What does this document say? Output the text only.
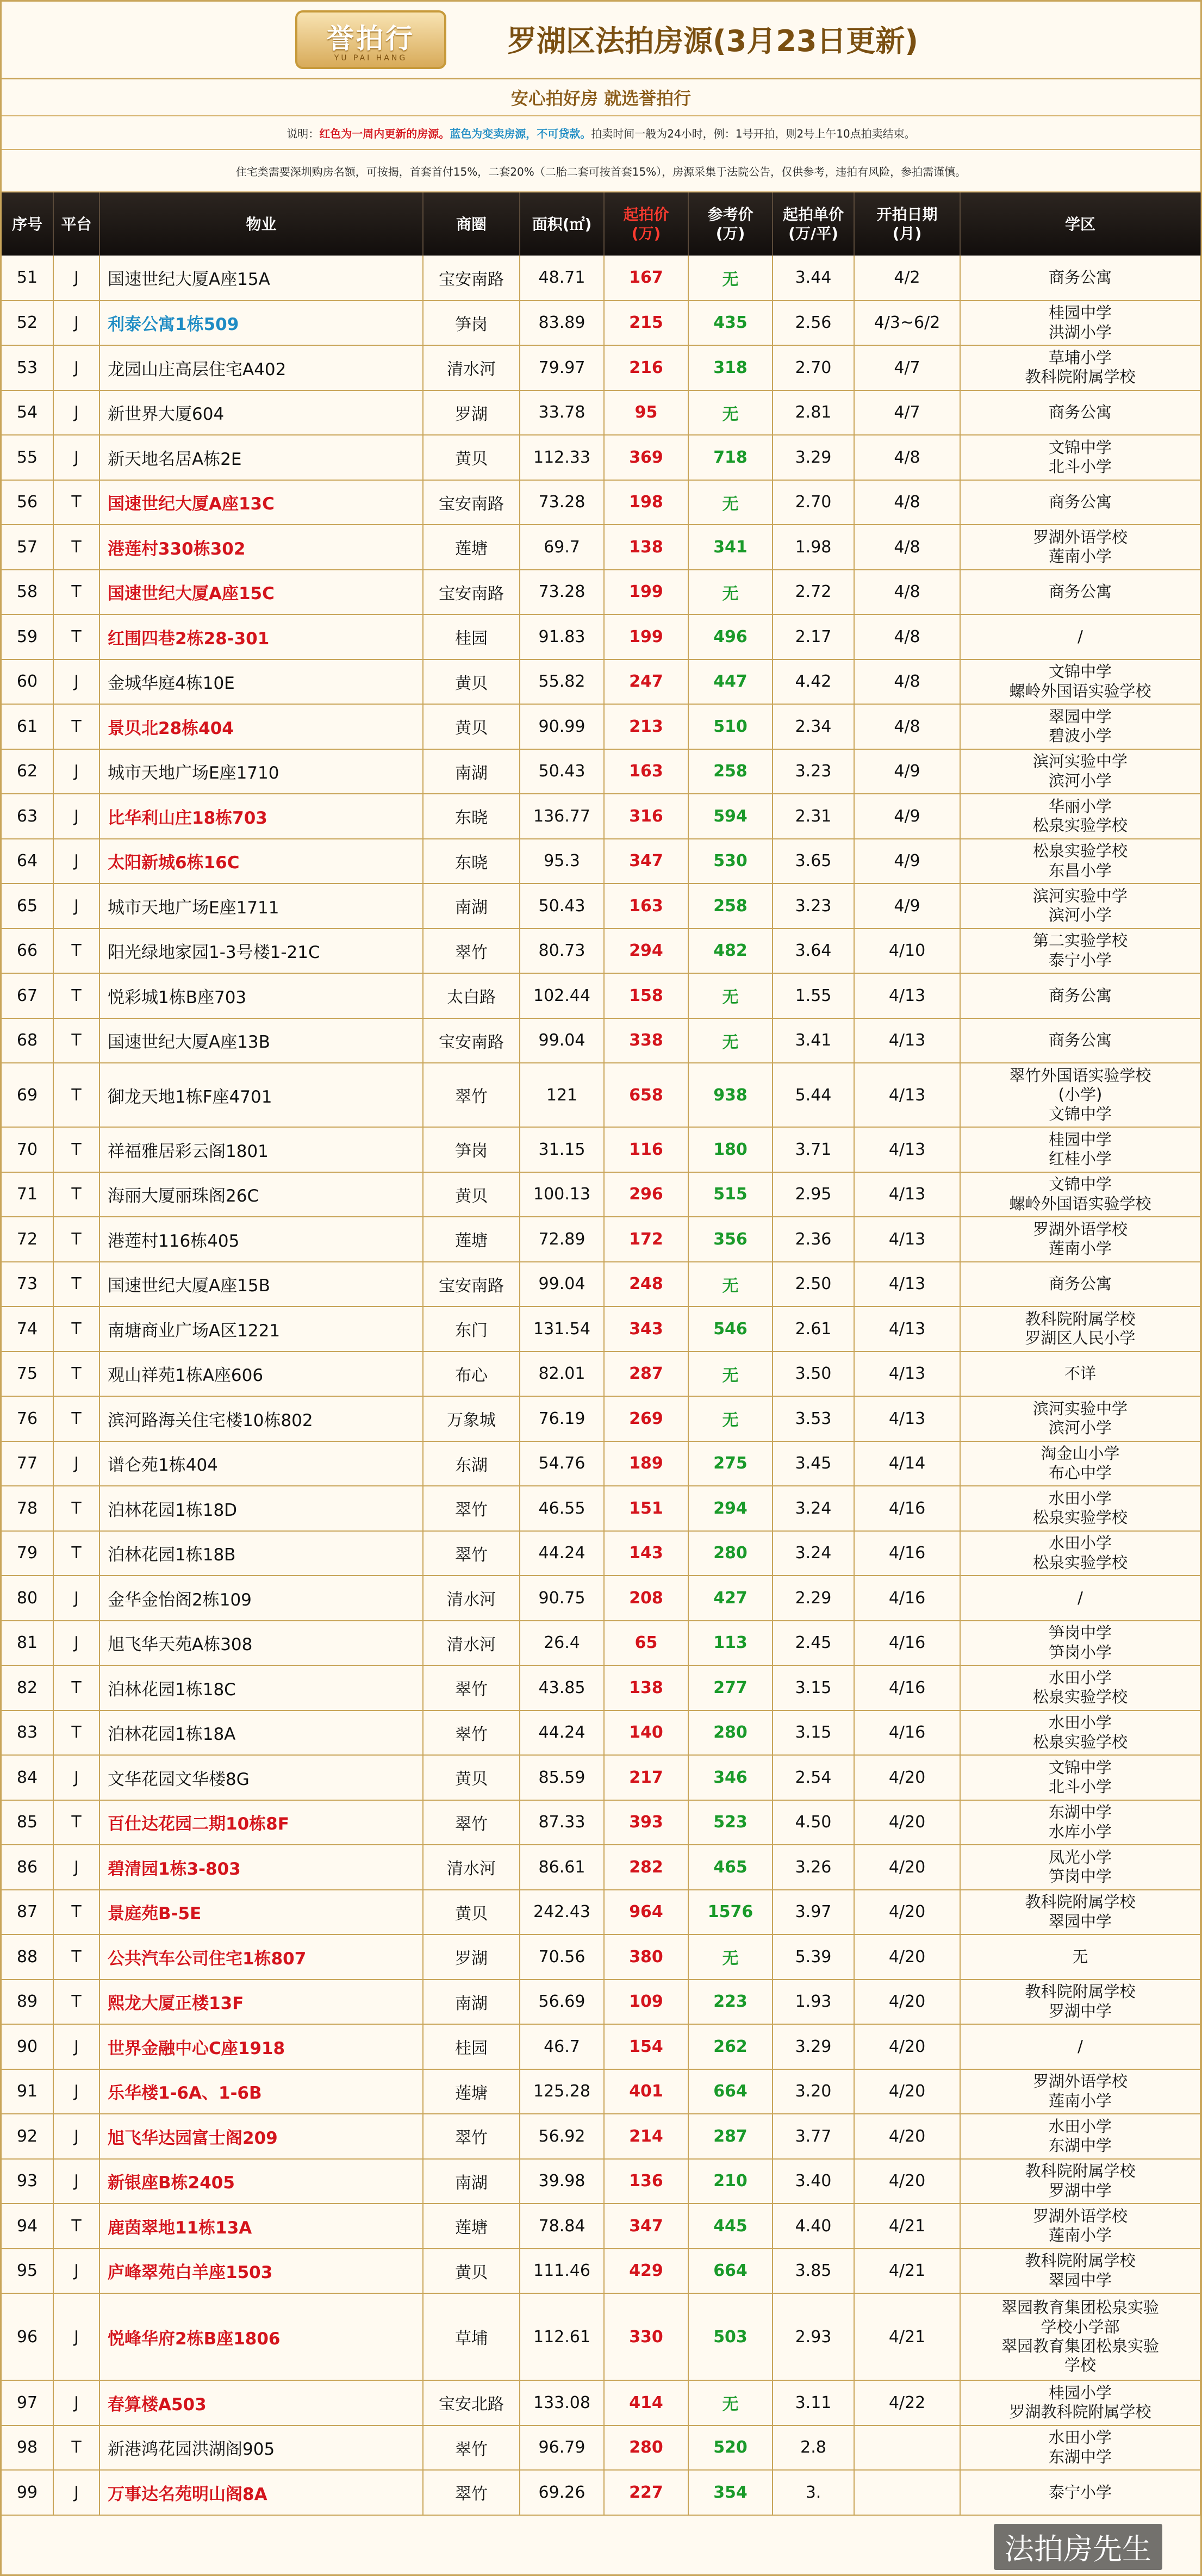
誉拍行
YU PAI HANG	罗湖区法拍房源(3月23日更新)
安心拍好房 就选誉拍行
说明： 红色为一周内更新的房源。 蓝色为变卖房源，不可贷款。 拍卖时间一般为24小时，例：1号开拍，则2号上午10点拍卖结束。
住宅类需要深圳购房名额，可按揭，首套首付15%，二套20%（二胎二套可按首套15%），房源采集于法院公告，仅供参考，违拍有风险，参拍需谨慎。
序号	平台	物业	商圈	面积(㎡)	起拍价
(万)	参考价
(万)	起拍单价
(万/平)	开拍日期
(月)	学区
51	J	国速世纪大厦A座15A	宝安南路	48.71	167	无	3.44	4/2	商务公寓
52	J	利泰公寓1栋509	笋岗	83.89	215	435	2.56	4/3~6/2	桂园中学
洪湖小学
53	J	龙园山庄高层住宅A402	清水河	79.97	216	318	2.70	4/7	草埔小学
教科院附属学校
54	J	新世界大厦604	罗湖	33.78	95	无	2.81	4/7	商务公寓
55	J	新天地名居A栋2E	黄贝	112.33	369	718	3.29	4/8	文锦中学
北斗小学
56	T	国速世纪大厦A座13C	宝安南路	73.28	198	无	2.70	4/8	商务公寓
57	T	港莲村330栋302	莲塘	69.7	138	341	1.98	4/8	罗湖外语学校
莲南小学
58	T	国速世纪大厦A座15C	宝安南路	73.28	199	无	2.72	4/8	商务公寓
59	T	红围四巷2栋28-301	桂园	91.83	199	496	2.17	4/8	/
60	J	金城华庭4栋10E	黄贝	55.82	247	447	4.42	4/8	文锦中学
螺岭外国语实验学校
61	T	景贝北28栋404	黄贝	90.99	213	510	2.34	4/8	翠园中学
碧波小学
62	J	城市天地广场E座1710	南湖	50.43	163	258	3.23	4/9	滨河实验中学
滨河小学
63	J	比华利山庄18栋703	东晓	136.77	316	594	2.31	4/9	华丽小学
松泉实验学校
64	J	太阳新城6栋16C	东晓	95.3	347	530	3.65	4/9	松泉实验学校
东昌小学
65	J	城市天地广场E座1711	南湖	50.43	163	258	3.23	4/9	滨河实验中学
滨河小学
66	T	阳光绿地家园1-3号楼1-21C	翠竹	80.73	294	482	3.64	4/10	第二实验学校
泰宁小学
67	T	悦彩城1栋B座703	太白路	102.44	158	无	1.55	4/13	商务公寓
68	T	国速世纪大厦A座13B	宝安南路	99.04	338	无	3.41	4/13	商务公寓
69	T	御龙天地1栋F座4701	翠竹	121	658	938	5.44	4/13	翠竹外国语实验学校
(小学)
文锦中学
70	T	祥福雅居彩云阁1801	笋岗	31.15	116	180	3.71	4/13	桂园中学
红桂小学
71	T	海丽大厦丽珠阁26C	黄贝	100.13	296	515	2.95	4/13	文锦中学
螺岭外国语实验学校
72	T	港莲村116栋405	莲塘	72.89	172	356	2.36	4/13	罗湖外语学校
莲南小学
73	T	国速世纪大厦A座15B	宝安南路	99.04	248	无	2.50	4/13	商务公寓
74	T	南塘商业广场A区1221	东门	131.54	343	546	2.61	4/13	教科院附属学校
罗湖区人民小学
75	T	观山祥苑1栋A座606	布心	82.01	287	无	3.50	4/13	不详
76	T	滨河路海关住宅楼10栋802	万象城	76.19	269	无	3.53	4/13	滨河实验中学
滨河小学
77	J	谱仑苑1栋404	东湖	54.76	189	275	3.45	4/14	淘金山小学
布心中学
78	T	泊林花园1栋18D	翠竹	46.55	151	294	3.24	4/16	水田小学
松泉实验学校
79	T	泊林花园1栋18B	翠竹	44.24	143	280	3.24	4/16	水田小学
松泉实验学校
80	J	金华金怡阁2栋109	清水河	90.75	208	427	2.29	4/16	/
81	J	旭飞华天苑A栋308	清水河	26.4	65	113	2.45	4/16	笋岗中学
笋岗小学
82	T	泊林花园1栋18C	翠竹	43.85	138	277	3.15	4/16	水田小学
松泉实验学校
83	T	泊林花园1栋18A	翠竹	44.24	140	280	3.15	4/16	水田小学
松泉实验学校
84	J	文华花园文华楼8G	黄贝	85.59	217	346	2.54	4/20	文锦中学
北斗小学
85	T	百仕达花园二期10栋8F	翠竹	87.33	393	523	4.50	4/20	东湖中学
水库小学
86	J	碧清园1栋3-803	清水河	86.61	282	465	3.26	4/20	凤光小学
笋岗中学
87	T	景庭苑B-5E	黄贝	242.43	964	1576	3.97	4/20	教科院附属学校
翠园中学
88	T	公共汽车公司住宅1栋807	罗湖	70.56	380	无	5.39	4/20	无
89	T	熙龙大厦正楼13F	南湖	56.69	109	223	1.93	4/20	教科院附属学校
罗湖中学
90	J	世界金融中心C座1918	桂园	46.7	154	262	3.29	4/20	/
91	J	乐华楼1-6A、1-6B	莲塘	125.28	401	664	3.20	4/20	罗湖外语学校
莲南小学
92	J	旭飞华达园富士阁209	翠竹	56.92	214	287	3.77	4/20	水田小学
东湖中学
93	J	新银座B栋2405	南湖	39.98	136	210	3.40	4/20	教科院附属学校
罗湖中学
94	T	鹿茵翠地11栋13A	莲塘	78.84	347	445	4.40	4/21	罗湖外语学校
莲南小学
95	J	庐峰翠苑白羊座1503	黄贝	111.46	429	664	3.85	4/21	教科院附属学校
翠园中学
96	J	悦峰华府2栋B座1806	草埔	112.61	330	503	2.93	4/21	翠园教育集团松泉实验
学校小学部
翠园教育集团松泉实验
学校
97	J	春算楼A503	宝安北路	133.08	414	无	3.11	4/22	桂园小学
罗湖教科院附属学校
98	T	新港鸿花园洪湖阁905	翠竹	96.79	280	520	2.8		水田小学
东湖中学
99	J	万事达名苑明山阁8A	翠竹	69.26	227	354	3.		泰宁小学
法拍房先生
